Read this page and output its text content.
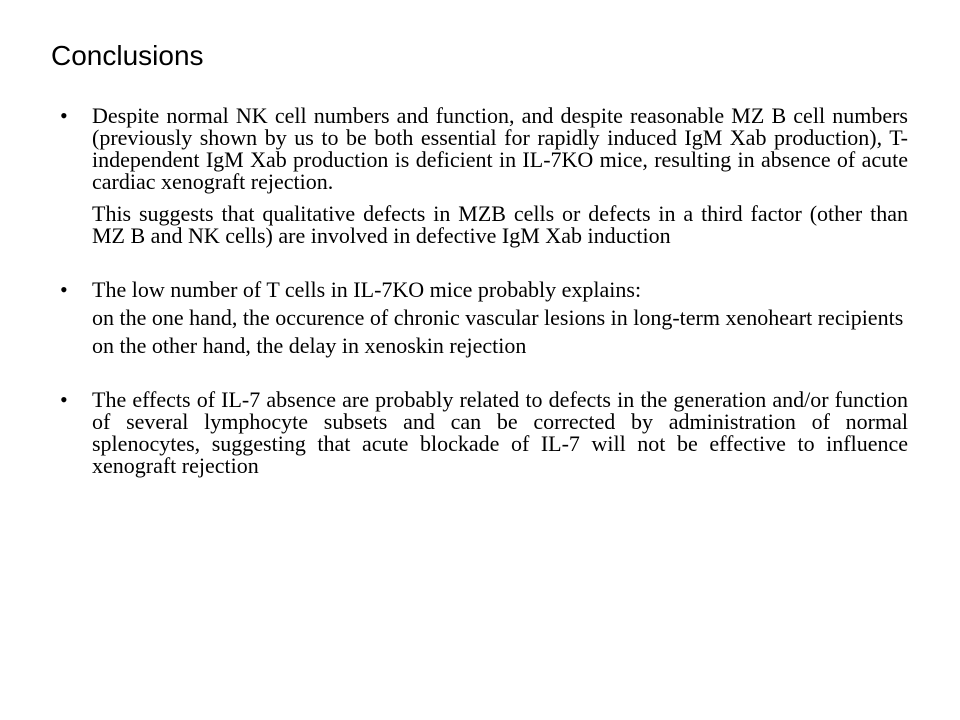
Conclusions

• Despite normal NK cell numbers and function, and despite reasonable MZ B cell numbers (previously shown by us to be both essential for rapidly induced IgM Xab production), T-independent IgM Xab production is deficient in IL-7KO mice, resulting in absence of acute cardiac xenograft rejection.

This suggests that qualitative defects in MZB cells or defects in a third factor (other than MZ B and NK cells) are involved in defective IgM Xab induction

• The low number of T cells in IL-7KO mice probably explains:

on the one hand, the occurence of chronic vascular lesions in long-term xenoheart recipients

on the other hand, the delay in xenoskin rejection

• The effects of IL-7 absence are probably related to defects in the generation and/or function of several lymphocyte subsets and can be corrected by administration of normal splenocytes, suggesting that acute blockade of IL-7 will not be effective to influence xenograft rejection
